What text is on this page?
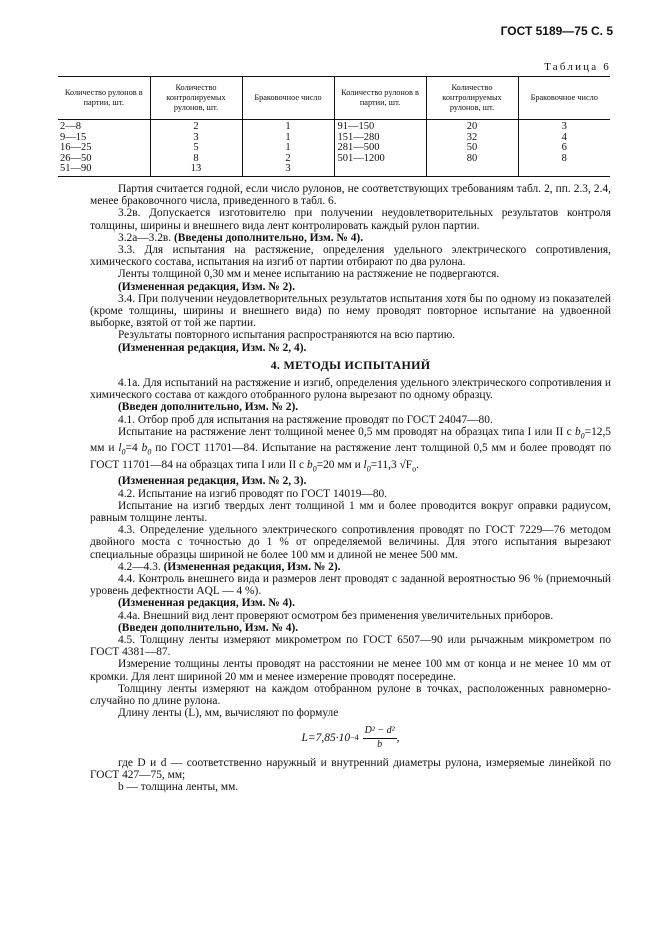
ГОСТ 5189—75 С. 5
Таблица 6
Количество рулонов в партии, шт.	Количество контролируемых рулонов, шт.	Браковочное число	Количество рулонов в партии, шт.	Количество контролируемых рулонов, шт.	Браковочное число
2—8	2	1	91—150	20	3
9—15	3	1	151—280	32	4
16—25	5	1	281—500	50	6
26—50	8	2	501—1200	80	8
51—90	13	3			

Партия считается годной, если число рулонов, не соответствующих требованиям табл. 2, пп. 2.3, 2.4, менее браковочного числа, приведенного в табл. 6.

3.2в. Допускается изготовителю при получении неудовлетворительных результатов контроля толщины, ширины и внешнего вида лент контролировать каждый рулон партии.

3.2а—3.2в. (Введены дополнительно, Изм. № 4).

3.3. Для испытания на растяжение, определения удельного электрического сопротивления, химического состава, испытания на изгиб от партии отбирают по два рулона.

Ленты толщиной 0,30 мм и менее испытанию на растяжение не подвергаются.

(Измененная редакция, Изм. № 2).

3.4. При получении неудовлетворительных результатов испытания хотя бы по одному из показателей (кроме толщины, ширины и внешнего вида) по нему проводят повторное испытание на удвоенной выборке, взятой от той же партии.

Результаты повторного испытания распространяются на всю партию.

(Измененная редакция, Изм. № 2, 4).

4. МЕТОДЫ ИСПЫТАНИЙ

4.1а. Для испытаний на растяжение и изгиб, определения удельного электрического сопротивления и химического состава от каждого отобранного рулона вырезают по одному образцу.

(Введен дополнительно, Изм. № 2).

4.1. Отбор проб для испытания на растяжение проводят по ГОСТ 24047—80.

Испытание на растяжение лент толщиной менее 0,5 мм проводят на образцах типа I или II с $b_0=12,5$ мм и $l_0=4$ $b_0$ по ГОСТ 11701—84. Испытание на растяжение лент толщиной 0,5 мм и более проводят по ГОСТ 11701—84 на образцах типа I или II с $b_0=20$ мм и $l_0=11,3$ $√F_о$.

(Измененная редакция, Изм. № 2, 3).

4.2. Испытание на изгиб проводят по ГОСТ 14019—80.

Испытание на изгиб твердых лент толщиной 1 мм и более проводится вокруг оправки радиусом, равным толщине ленты.

4.3. Определение удельного электрического сопротивления проводят по ГОСТ 7229—76 методом двойного моста с точностью до 1 % от определяемой величины. Для этого испытания вырезают специальные образцы шириной не более 100 мм и длиной не менее 500 мм.

4.2—4.3. (Измененная редакция, Изм. № 2).

4.4. Контроль внешнего вида и размеров лент проводят с заданной вероятностью 96 % (приемочный уровень дефектности AQL — 4 %).

(Измененная редакция, Изм. № 4).

4.4а. Внешний вид лент проверяют осмотром без применения увеличительных приборов.

(Введен дополнительно, Изм. № 4).

4.5. Толщину ленты измеряют микрометром по ГОСТ 6507—90 или рычажным микрометром по ГОСТ 4381—87.

Измерение толщины ленты проводят на расстоянии не менее 100 мм от конца и не менее 10 мм от кромки. Для лент шириной 20 мм и менее измерение проводят посередине.

Толщину ленты измеряют на каждом отобранном рулоне в точках, расположенных равномерно-случайно по длине рулона.

Длину ленты (L), мм, вычисляют по формуле

$L=7,85\cdot 10 -4 \frac{\text{D² − d²}}{b}$ ,

где D и d — соответственно наружный и внутренний диаметры рулона, измеряемые линейкой по ГОСТ 427—75, мм;

b — толщина ленты, мм.
